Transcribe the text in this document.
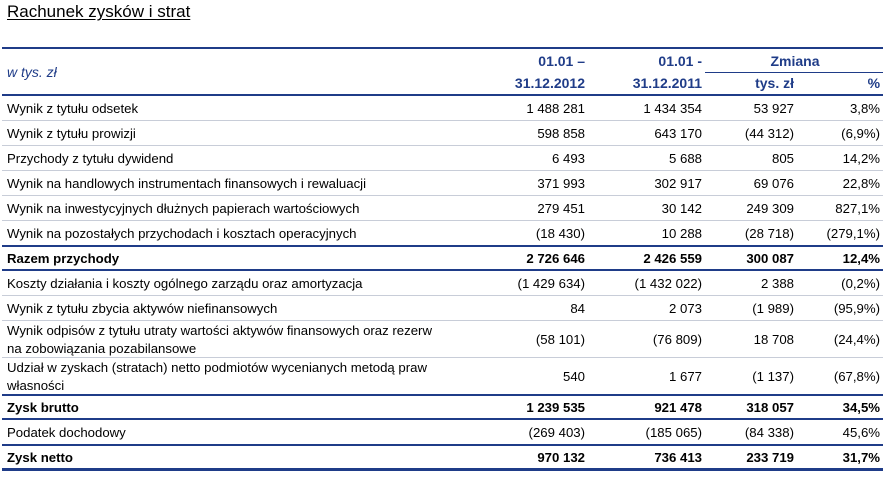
Rachunek zysków i strat
w tys. zł	01.01 –	01.01 -	Zmiana	
	31.12.2012	31.12.2011	tys. zł	%
Wynik z tytułu odsetek	1 488 281	1 434 354	53 927	3,8%
Wynik z tytułu prowizji	598 858	643 170	(44 312)	(6,9%)
Przychody z tytułu dywidend	6 493	5 688	805	14,2%
Wynik na handlowych instrumentach finansowych i rewaluacji	371 993	302 917	69 076	22,8%
Wynik na inwestycyjnych dłużnych papierach wartościowych	279 451	30 142	249 309	827,1%
Wynik na pozostałych przychodach i kosztach operacyjnych	(18 430)	10 288	(28 718)	(279,1%)
Razem przychody	2 726 646	2 426 559	300 087	12,4%
Koszty działania i koszty ogólnego zarządu oraz amortyzacja	(1 429 634)	(1 432 022)	2 388	(0,2%)
Wynik z tytułu zbycia aktywów niefinansowych	84	2 073	(1 989)	(95,9%)
Wynik odpisów z tytułu utraty wartości aktywów finansowych oraz rezerw	(58 101)	(76 809)	18 708	(24,4%)
na zobowiązania pozabilansowe				
Udział w zyskach (stratach) netto podmiotów wycenianych metodą praw	540	1 677	(1 137)	(67,8%)
własności				
Zysk brutto	1 239 535	921 478	318 057	34,5%
Podatek dochodowy	(269 403)	(185 065)	(84 338)	45,6%
Zysk netto	970 132	736 413	233 719	31,7%
